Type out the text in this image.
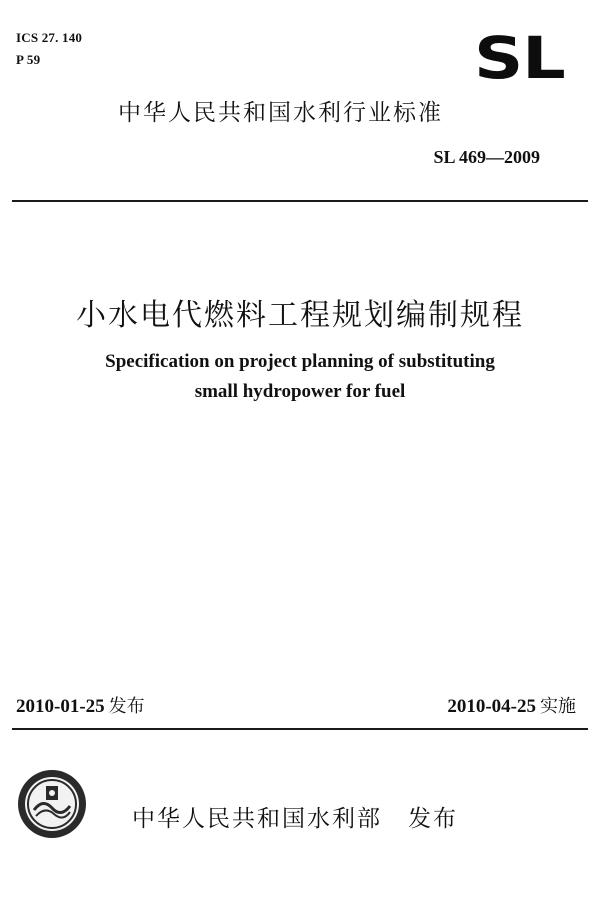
ICS 27. 140
P 59	SL
中华人民共和国水利行业标准
SL 469—2009
小水电代燃料工程规划编制规程
Specification on project planning of substituting
small hydropower for fuel
2010-01-25 发布	2010-04-25 实施
中华人民共和国水利部 发布
